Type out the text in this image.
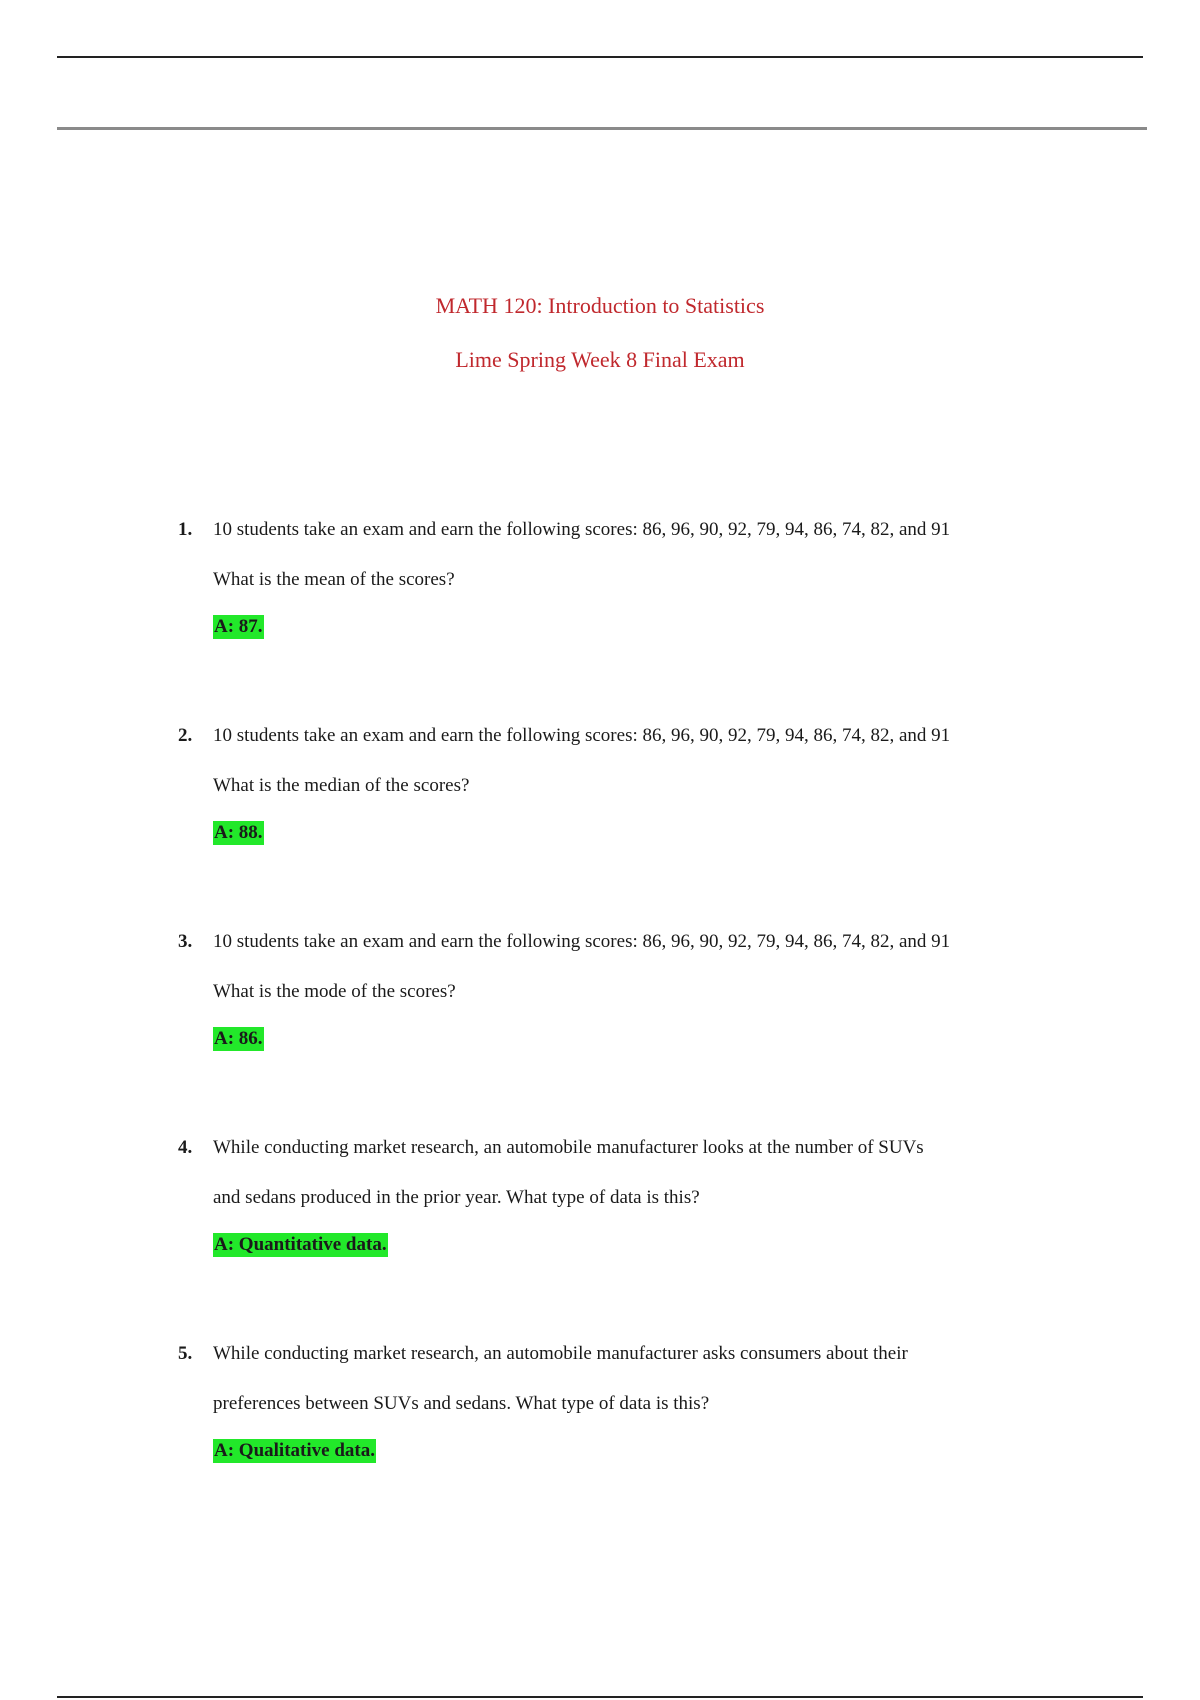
MATH 120: Introduction to Statistics
Lime Spring Week 8 Final Exam
1. 10 students take an exam and earn the following scores: 86, 96, 90, 92, 79, 94, 86, 74, 82, and 91
What is the mean of the scores?
A: 87.
2. 10 students take an exam and earn the following scores: 86, 96, 90, 92, 79, 94, 86, 74, 82, and 91
What is the median of the scores?
A: 88.
3. 10 students take an exam and earn the following scores: 86, 96, 90, 92, 79, 94, 86, 74, 82, and 91
What is the mode of the scores?
A: 86.
4. While conducting market research, an automobile manufacturer looks at the number of SUVs
and sedans produced in the prior year. What type of data is this?
A: Quantitative data.
5. While conducting market research, an automobile manufacturer asks consumers about their
preferences between SUVs and sedans. What type of data is this?
A: Qualitative data.
